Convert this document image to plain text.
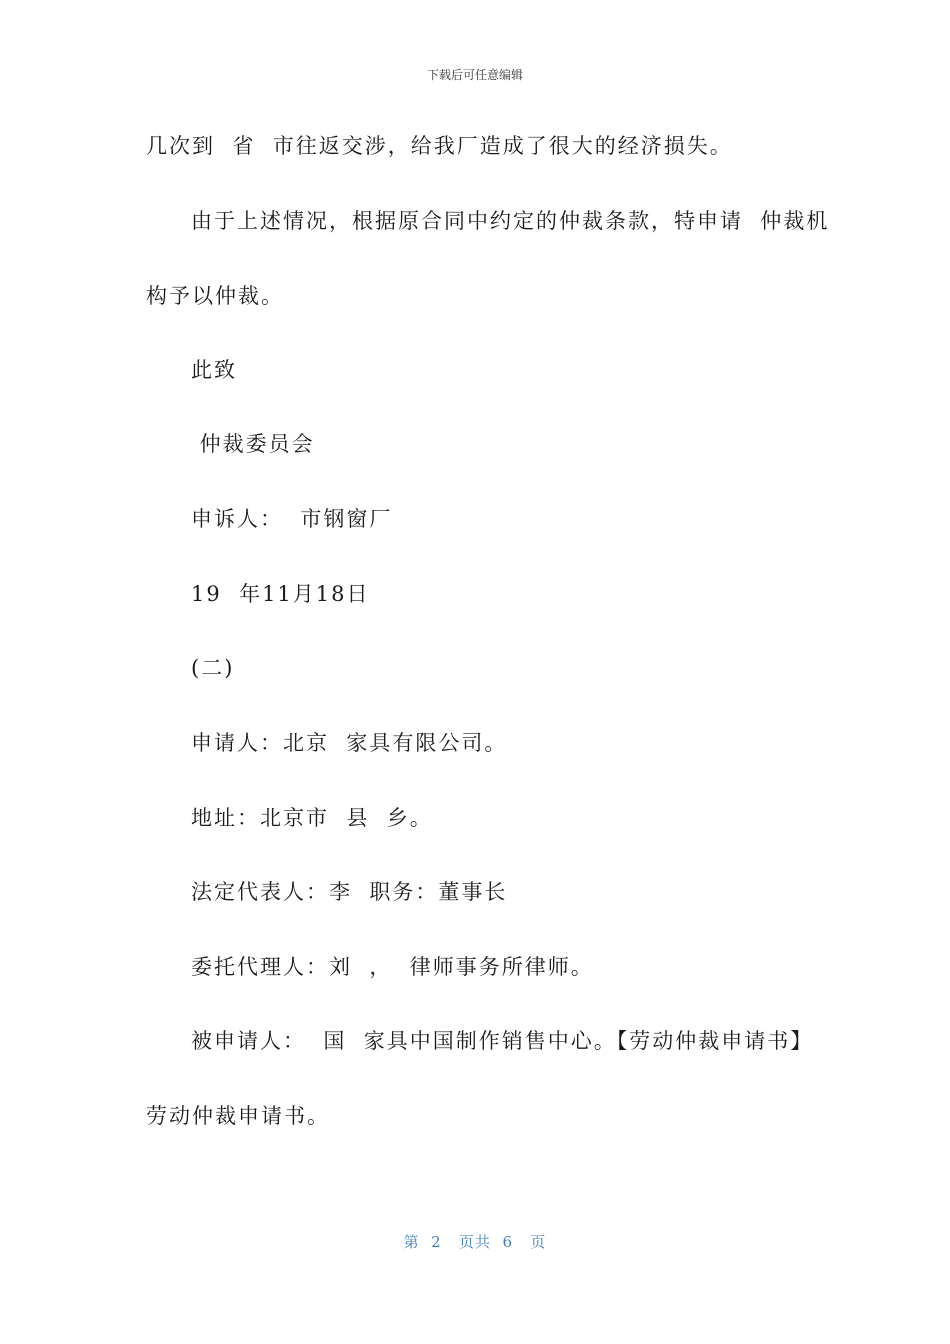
下载后可任意编辑
几次到  省  市往返交涉，给我厂造成了很大的经济损失。
由于上述情况，根据原合同中约定的仲裁条款，特申请  仲裁机
构予以仲裁。
此致
仲裁委员会
申诉人：  市钢窗厂
19  年11月18日
(二)
申请人：北京  家具有限公司。
地址：北京市  县  乡。
法定代表人：李  职务：董事长
委托代理人：刘  ，  律师事务所律师。
被申请人：  国  家具中国制作销售中心。【劳动仲裁申请书】
劳动仲裁申请书。
第  2   页共  6   页
